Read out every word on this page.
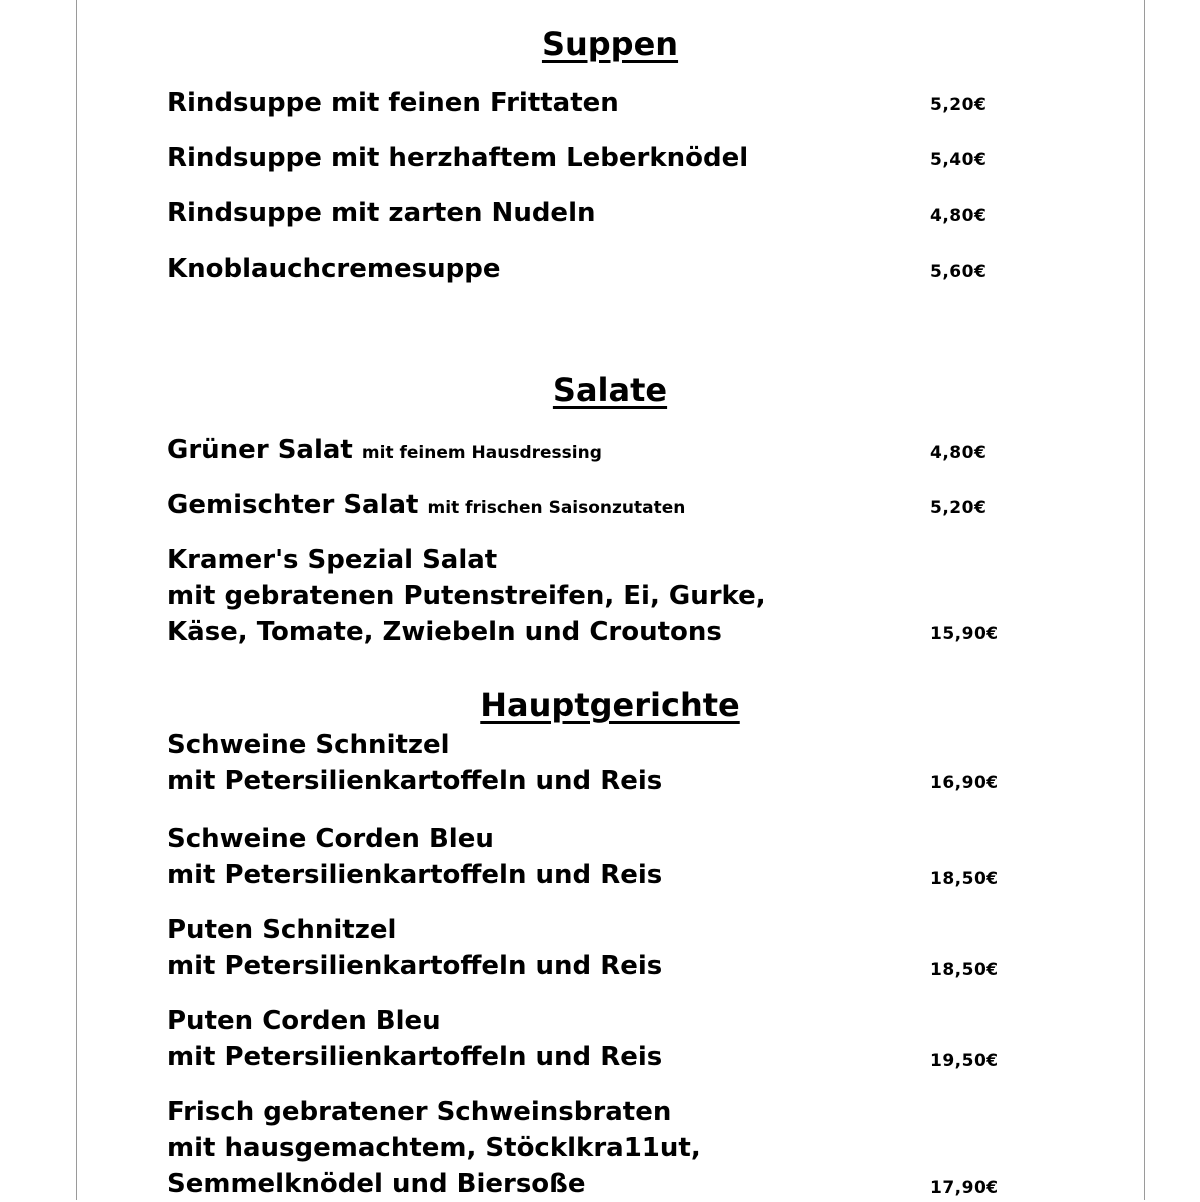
Suppen
Rindsuppe mit feinen Frittaten	5,20€
Rindsuppe mit herzhaftem Leberknödel	5,40€
Rindsuppe mit zarten Nudeln	4,80€
Knoblauchcremesuppe	5,60€
Salate
Grüner Salat mit feinem Hausdressing	4,80€
Gemischter Salat mit frischen Saisonzutaten	5,20€
Kramer's Spezial Salat
mit gebratenen Putenstreifen, Ei, Gurke,
Käse, Tomate, Zwiebeln und Croutons	15,90€
Hauptgerichte
Schweine Schnitzel
mit Petersilienkartoffeln und Reis	16,90€
Schweine Corden Bleu
mit Petersilienkartoffeln und Reis	18,50€
Puten Schnitzel
mit Petersilienkartoffeln und Reis	18,50€
Puten Corden Bleu
mit Petersilienkartoffeln und Reis	19,50€
Frisch gebratener Schweinsbraten
mit hausgemachtem, Stöcklkra11ut,
Semmelknödel und Biersoße	17,90€
